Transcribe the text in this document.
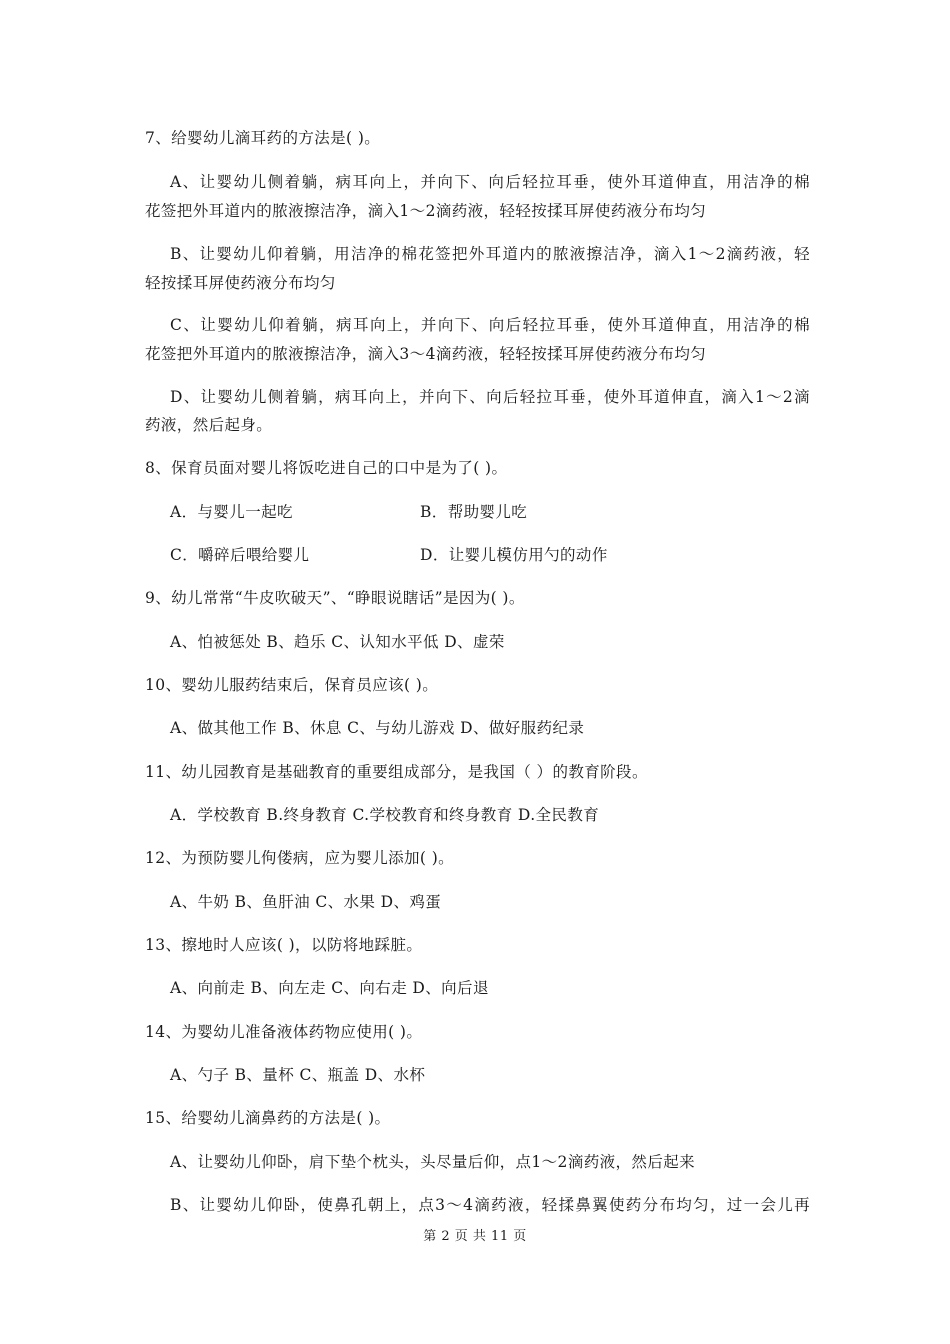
7、给婴幼儿滴耳药的方法是( )。
A、让婴幼儿侧着躺，病耳向上，并向下、向后轻拉耳垂，使外耳道伸直，用洁净的棉
花签把外耳道内的脓液擦洁净，滴入1～2滴药液，轻轻按揉耳屏使药液分布均匀
B、让婴幼儿仰着躺，用洁净的棉花签把外耳道内的脓液擦洁净，滴入1～2滴药液，轻
轻按揉耳屏使药液分布均匀
C、让婴幼儿仰着躺，病耳向上，并向下、向后轻拉耳垂，使外耳道伸直，用洁净的棉
花签把外耳道内的脓液擦洁净，滴入3～4滴药液，轻轻按揉耳屏使药液分布均匀
D、让婴幼儿侧着躺，病耳向上，并向下、向后轻拉耳垂，使外耳道伸直，滴入1～2滴
药液，然后起身。
8、保育员面对婴儿将饭吃进自己的口中是为了( )。
A．与婴儿一起吃	B．帮助婴儿吃
C．嚼碎后喂给婴儿	D．让婴儿模仿用勺的动作
9、幼儿常常“牛皮吹破天”、“睁眼说瞎话”是因为( )。
A、怕被惩处 B、趋乐 C、认知水平低 D、虚荣
10、婴幼儿服药结束后，保育员应该( )。
A、做其他工作 B、休息 C、与幼儿游戏 D、做好服药纪录
11、幼儿园教育是基础教育的重要组成部分，是我国（ ）的教育阶段。
A．学校教育 B.终身教育 C.学校教育和终身教育 D.全民教育
12、为预防婴儿佝偻病，应为婴儿添加( )。
A、牛奶 B、鱼肝油 C、水果 D、鸡蛋
13、擦地时人应该( )，以防将地踩脏。
A、向前走 B、向左走 C、向右走 D、向后退
14、为婴幼儿准备液体药物应使用( )。
A、勺子 B、量杯 C、瓶盖 D、水杯
15、给婴幼儿滴鼻药的方法是( )。
A、让婴幼儿仰卧，肩下垫个枕头，头尽量后仰，点1～2滴药液，然后起来
B、让婴幼儿仰卧，使鼻孔朝上，点3～4滴药液，轻揉鼻翼使药分布均匀，过一会儿再
第 2 页 共 11 页
